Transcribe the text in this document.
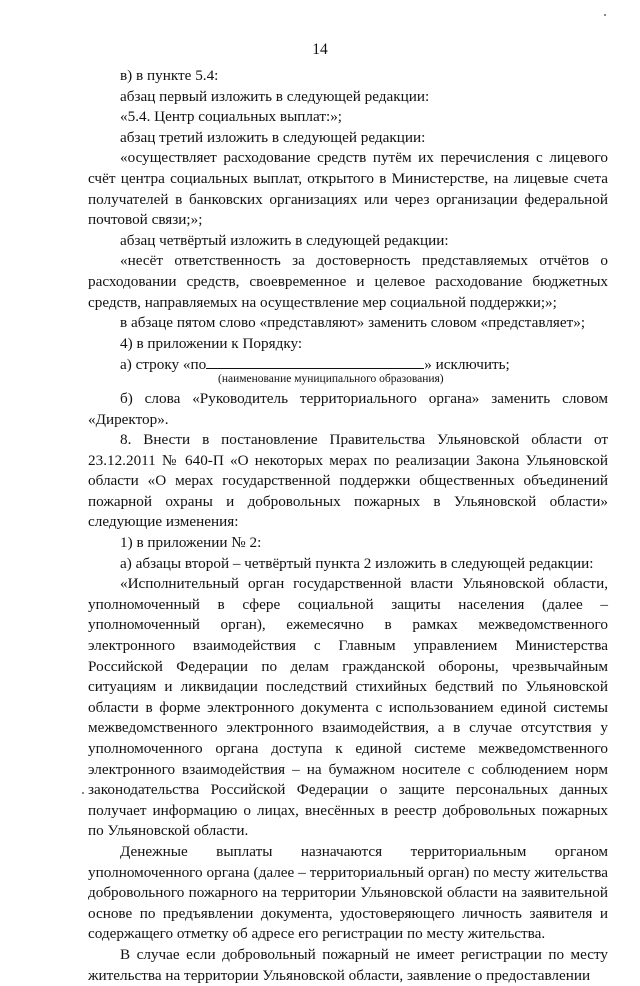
14

в) в пункте 5.4:

абзац первый изложить в следующей редакции:

«5.4. Центр социальных выплат:»;

абзац третий изложить в следующей редакции:

«осуществляет расходование средств путём их перечисления с лицевого счёт центра социальных выплат, открытого в Министерстве, на лицевые счета получателей в банковских организациях или через организации федеральной почтовой связи;»;

абзац четвёртый изложить в следующей редакции:

«несёт ответственность за достоверность представляемых отчётов о расходовании средств, своевременное и целевое расходование бюджетных средств, направляемых на осуществление мер социальной поддержки;»;

в абзаце пятом слово «представляют» заменить словом «представляет»;

4) в приложении к Порядку:

а) строку «по	» исключить;

(наименование муниципального образования)

б) слова «Руководитель территориального органа» заменить словом «Директор».

8. Внести в постановление Правительства Ульяновской области от 23.12.2011 № 640-П «О некоторых мерах по реализации Закона Ульяновской области «О мерах государственной поддержки общественных объединений пожарной охраны и добровольных пожарных в Ульяновской области» следующие изменения:

1) в приложении № 2:

а) абзацы второй – четвёртый пункта 2 изложить в следующей редакции:

«Исполнительный орган государственной власти Ульяновской области, уполномоченный в сфере социальной защиты населения (далее – уполномоченный орган), ежемесячно в рамках межведомственного электронного взаимодействия с Главным управлением Министерства Российской Федерации по делам гражданской обороны, чрезвычайным ситуациям и ликвидации последствий стихийных бедствий по Ульяновской области в форме электронного документа с использованием единой системы межведомственного электронного взаимодействия, а в случае отсутствия у уполномоченного органа доступа к единой системе межведомственного электронного взаимодействия – на бумажном носителе с соблюдением норм законодательства Российской Федерации о защите персональных данных получает информацию о лицах, внесённых в реестр добровольных пожарных по Ульяновской области.

Денежные выплаты назначаются территориальным органом уполномоченного органа (далее – территориальный орган) по месту жительства добровольного пожарного на территории Ульяновской области на заявительной основе по предъявлении документа, удостоверяющего личность заявителя и содержащего отметку об адресе его регистрации по месту жительства.

В случае если добровольный пожарный не имеет регистрации по месту жительства на территории Ульяновской области, заявление о предоставлении
